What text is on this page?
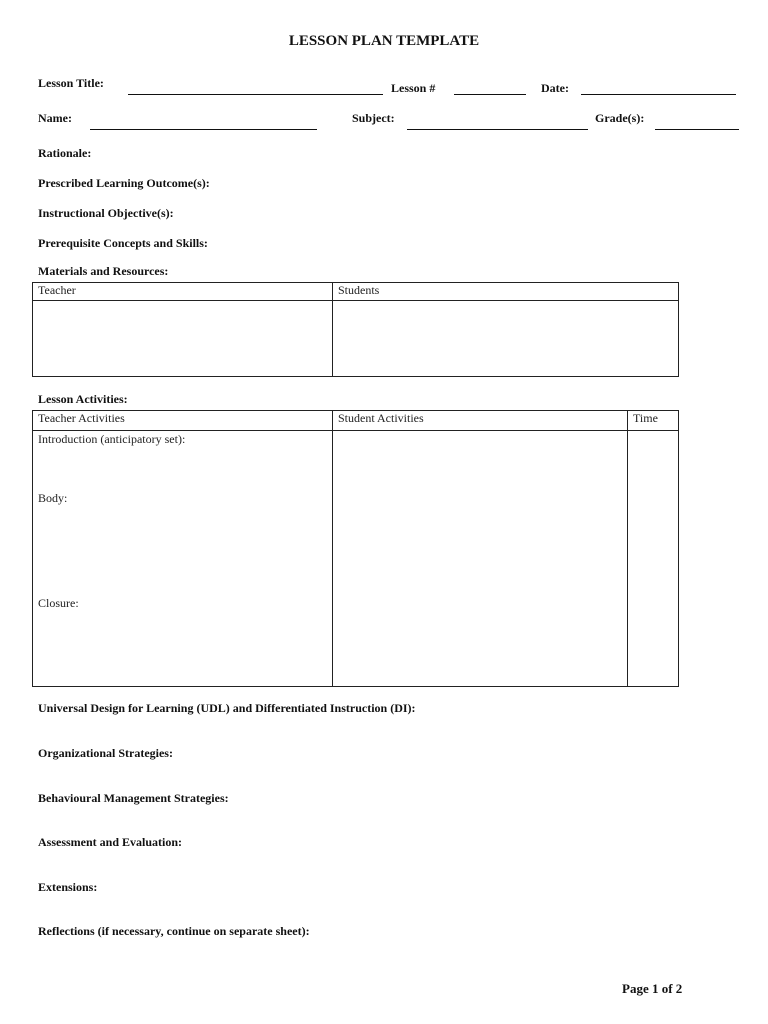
LESSON PLAN TEMPLATE
Lesson Title:	Lesson #	Date:
Name:	Subject:	Grade(s):
Rationale:
Prescribed Learning Outcome(s):
Instructional Objective(s):
Prerequisite Concepts and Skills:
Materials and Resources:
Teacher	Students

Lesson Activities:
Teacher Activities	Student Activities	Time

Introduction (anticipatory set):
Body:
Closure:		

Universal Design for Learning (UDL) and Differentiated Instruction (DI):
Organizational Strategies:
Behavioural Management Strategies:
Assessment and Evaluation:
Extensions:
Reflections (if necessary, continue on separate sheet):
Page 1 of 2
